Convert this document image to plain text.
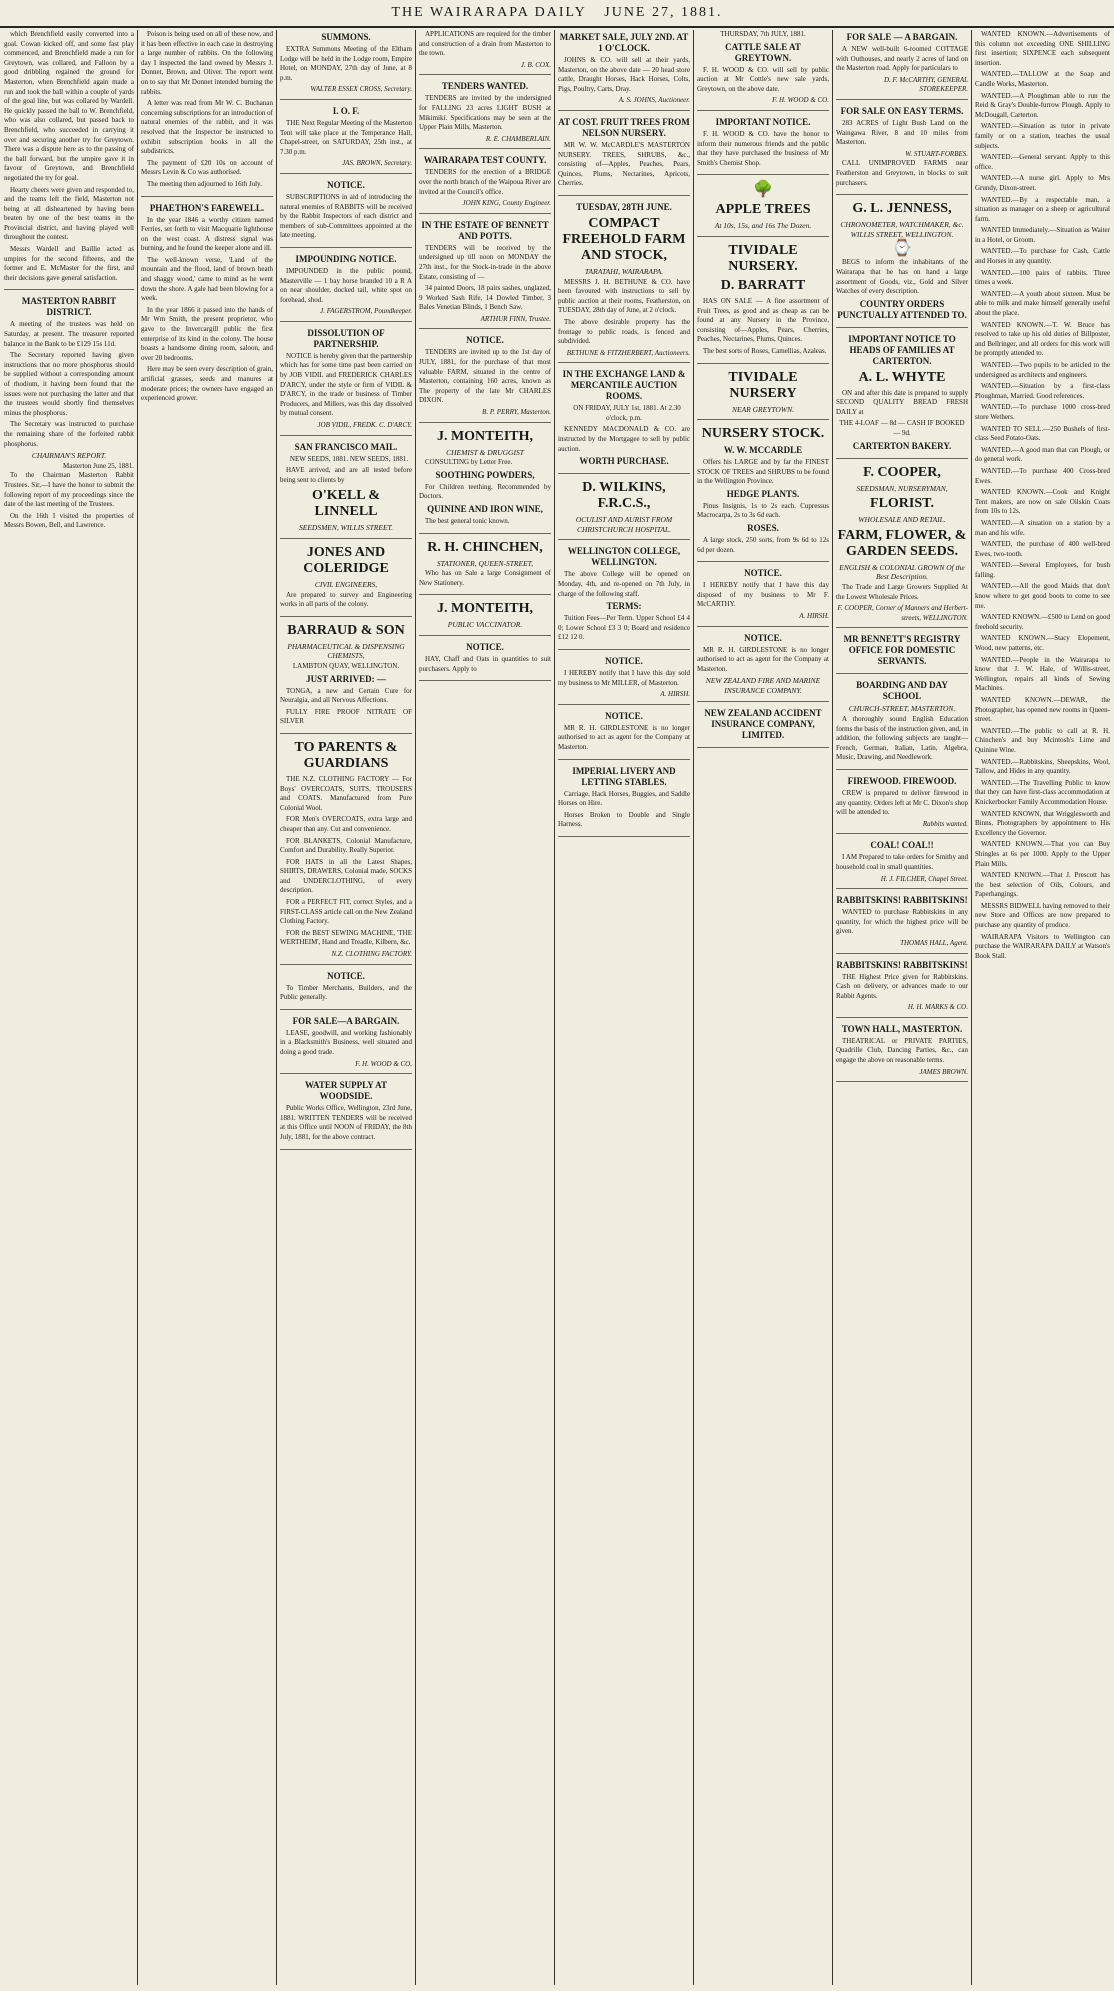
THE WAIRARAPA DAILY JUNE 27, 1881.

which Brenchfield easily converted into a goal. Cowan kicked off, and some fast play commenced, and Brenchfield made a run for Greytown, was collared, and Falloon by a good dribbling regained the ground for Masterton, when Brenchfield again made a run and took the ball within a couple of yards of the goal line, but was collared by Wardell. He quickly passed the ball to W. Brenchfield, who was also collared, but passed back to Brenchfield, who succeeded in carrying it over and securing another try for Greytown. There was a dispute here as to the passing of the ball forward, but the umpire gave it in favour of Greytown, and Brenchfield negotiated the try for goal.

Hearty cheers were given and responded to, and the teams left the field, Masterton not being at all disheartened by having been beaten by one of the best teams in the Provincial district, and having played well throughout the contest.

Messrs Wardell and Baillie acted as umpires for the second fifteens, and the former and E. McMaster for the first, and their decisions gave general satisfaction.

MASTERTON RABBIT DISTRICT.

A meeting of the trustees was held on Saturday, at present. The treasurer reported balance in the Bank to be £129 15s 11d.

The Secretary reported having given instructions that no more phosphorus should be supplied without a corresponding amount of rhodium, it having been found that the issues were not purchasing the latter and that the trustees would shortly find themselves minus the phosphorus.

The Secretary was instructed to purchase the remaining share of the forfeited rabbit phosphorus.

CHAIRMAN'S REPORT.
Masterton June 25, 1881.

To the Chairman Masterton Rabbit Trustees. Sir,—I have the honor to submit the following report of my proceedings since the date of the last meeting of the Trustees.

On the 16th I visited the properties of Messrs Bowen, Bell, and Lawrence.

Poison is being used on all of these now, and it has been effective in each case in destroying a large number of rabbits. On the following day I inspected the land owned by Messrs J. Donnet, Brown, and Oliver. The report went on to say that Mr Donnet intended burning the rabbits.

A letter was read from Mr W. C. Buchanan concerning subscriptions for an introduction of natural enemies of the rabbit, and it was resolved that the Inspector be instructed to exhibit subscription books in all the subdistricts.

The payment of £20 10s on account of Messrs Levin & Co was authorised.

The meeting then adjourned to 16th July.

PHAETHON'S FAREWELL.

In the year 1846 a worthy citizen named Ferries, set forth to visit Macquarie lighthouse on the west coast. A distress signal was burning, and he found the keeper alone and ill.

The well-known verse, 'Land of the mountain and the flood, land of brown heath and shaggy wood,' came to mind as he went down the shore. A gale had been blowing for a week.

In the year 1866 it passed into the hands of Mr Wm Smith, the present proprietor, who gave to the Invercargill public the first enterprise of its kind in the colony. The house boasts a handsome dining room, saloon, and over 20 bedrooms.

Here may be seen every description of grain, artificial grasses, seeds and manures at moderate prices; the owners have engaged an experienced grower.

SUMMONS.

EXTRA Summons Meeting of the Eltham Lodge will be held in the Lodge room, Empire Hotel, on MONDAY, 27th day of June, at 8 p.m.

WALTER ESSEX CROSS, Secretary.
I. O. F.

THE Next Regular Meeting of the Masterton Tent will take place at the Temperance Hall, Chapel-street, on SATURDAY, 25th inst., at 7.30 p.m.

JAS. BROWN, Secretary.
NOTICE.

SUBSCRIPTIONS in aid of introducing the natural enemies of RABBITS will be received by the Rabbit Inspectors of each district and members of sub-Committees appointed at the late meeting.

IMPOUNDING NOTICE.

IMPOUNDED in the public pound, Masterville — 1 bay horse branded 10 a R A on near shoulder, docked tail, white spot on forehead, shod.

J. FAGERSTROM, Poundkeeper.
DISSOLUTION OF PARTNERSHIP.

NOTICE is hereby given that the partnership which has for some time past been carried on by JOB VIDIL and FREDERICK CHARLES D'ARCY, under the style or firm of VIDIL & D'ARCY, in the trade or business of Timber Producers, and Millers, was this day dissolved by mutual consent.

JOB VIDIL, FREDK. C. D'ARCY.
SAN FRANCISCO MAIL.

NEW SEEDS, 1881. NEW SEEDS, 1881.

HAVE arrived, and are all tested before being sent to clients by

O'KELL & LINNELL
SEEDSMEN, WILLIS STREET.
JONES AND COLERIDGE
CIVIL ENGINEERS,

Are prepared to survey and Engineering works in all parts of the colony.

BARRAUD & SON
PHARMACEUTICAL & DISPENSING CHEMISTS,
LAMBTON QUAY, WELLINGTON.
JUST ARRIVED: —

TONGA, a new and Certain Cure for Neuralgia, and all Nervous Affections.

FULLY FIRE PROOF NITRATE OF SILVER

TO PARENTS & GUARDIANS

THE N.Z. CLOTHING FACTORY — For Boys' OVERCOATS, SUITS, TROUSERS and COATS. Manufactured from Pure Colonial Wool.

FOR Men's OVERCOATS, extra large and cheaper than any. Cut and convenience.

FOR BLANKETS, Colonial Manufacture, Comfort and Durability. Really Superior.

FOR HATS in all the Latest Shapes, SHIRTS, DRAWERS, Colonial made, SOCKS and UNDERCLOTHING, of every description.

FOR a PERFECT FIT, correct Styles, and a FIRST-CLASS article call on the New Zealand Clothing Factory.

FOR the BEST SEWING MACHINE, 'THE WERTHEIM', Hand and Treadle, Kilbern, &c.

N.Z. CLOTHING FACTORY.
NOTICE.

To Timber Merchants, Builders, and the Public generally.

FOR SALE—A BARGAIN.

LEASE, goodwill, and working fashionably in a Blacksmith's Business, well situated and doing a good trade.

F. H. WOOD & CO.
WATER SUPPLY AT WOODSIDE.

Public Works Office, Wellington, 23rd June, 1881. WRITTEN TENDERS will be received at this Office until NOON of FRIDAY, the 8th July, 1881, for the above contract.

APPLICATIONS are required for the timber and construction of a drain from Masterton to the town.

J. B. COX.
TENDERS WANTED.

TENDERS are invited by the undersigned for FALLING 23 acres LIGHT BUSH at Mikimiki. Specifications may be seen at the Upper Plain Mills, Masterton.

R. E. CHAMBERLAIN.
WAIRARAPA TEST COUNTY.

TENDERS for the erection of a BRIDGE over the north branch of the Waipoua River are invited at the Council's office.

JOHN KING, County Engineer.
IN THE ESTATE OF BENNETT AND POTTS.

TENDERS will be received by the undersigned up till noon on MONDAY the 27th inst., for the Stock-in-trade in the above Estate, consisting of —

34 painted Doors, 18 pairs sashes, unglazed, 9 Worked Sash Rife, 14 Dowled Timber, 3 Bales Venetian Blinds, 1 Bench Saw.

ARTHUR FINN, Trustee.
NOTICE.

TENDERS are invited up to the 1st day of JULY, 1881, for the purchase of that most valuable FARM, situated in the centre of Masterton, containing 160 acres, known as The property of the late Mr CHARLES DIXON.

B. P. PERRY, Masterton.
J. MONTEITH,
CHEMIST & DRUGGIST

CONSULTING by Letter Free.

SOOTHING POWDERS,

For Children teething. Recommended by Doctors.

QUININE AND IRON WINE,

The best general tonic known.

R. H. CHINCHEN,
STATIONER, QUEEN-STREET,

Who has on Sale a large Consignment of New Stationery.

J. MONTEITH,
PUBLIC VACCINATOR.
NOTICE.

HAY, Chaff and Oats in quantities to suit purchasers. Apply to

MARKET SALE, JULY 2ND. AT 1 O'CLOCK.

JOHNS & CO. will sell at their yards, Masterton, on the above date — 20 head store cattle, Draught Horses, Hack Horses, Colts, Pigs, Poultry, Carts, Dray.

A. S. JOHNS, Auctioneer.
AT COST. FRUIT TREES FROM NELSON NURSERY.

MR W. W. McCARDLE'S MASTERTON NURSERY. TREES, SHRUBS, &c., consisting of—Apples, Peaches, Pears, Quinces, Plums, Nectarines, Apricots, Cherries.

TUESDAY, 28TH JUNE.
COMPACT FREEHOLD FARM AND STOCK,
TARATAHI, WAIRARAPA.

MESSRS J. H. BETHUNE & CO. have been favoured with instructions to sell by public auction at their rooms, Featherston, on TUESDAY, 28th day of June, at 2 o'clock.

The above desirable property has the frontage to public roads, is fenced and subdivided.

BETHUNE & FITZHERBERT, Auctioneers.
IN THE EXCHANGE LAND & MERCANTILE AUCTION ROOMS.

ON FRIDAY, JULY 1st, 1881. At 2.30 o'clock, p.m.

KENNEDY MACDONALD & CO. are instructed by the Mortgagee to sell by public auction.

WORTH PURCHASE.
D. WILKINS, F.R.C.S.,
OCULIST AND AURIST FROM CHRISTCHURCH HOSPITAL.
WELLINGTON COLLEGE, WELLINGTON.

The above College will be opened on Monday, 4th, and re-opened on 7th July, in charge of the following staff.

TERMS:

Tuition Fees—Per Term. Upper School £4 4 0; Lower School £3 3 0; Board and residence £12 12 0.

NOTICE.

I HEREBY notify that I have this day sold my business to Mr MILLER, of Masterton.

A. HIRSH.
NOTICE.

MR R. H. GIRDLESTONE is no longer authorised to act as agent for the Company at Masterton.

IMPERIAL LIVERY AND LETTING STABLES.

Carriage, Hack Horses, Buggies, and Saddle Horses on Hire.

Horses Broken to Double and Single Harness.

THURSDAY, 7th JULY, 1881.
CATTLE SALE AT GREYTOWN.

F. H. WOOD & CO. will sell by public auction at Mr Cottle's new sale yards, Greytown, on the above date.

F. H. WOOD & CO.
IMPORTANT NOTICE.

F. H. WOOD & CO. have the honor to inform their numerous friends and the public that they have purchased the business of Mr Smith's Chemist Shop.

🌳
APPLE TREES
At 10s, 15s, and 16s The Dozen.
TIVIDALE NURSERY.
D. BARRATT

HAS ON SALE — A fine assortment of Fruit Trees, as good and as cheap as can be found at any Nursery in the Province, consisting of—Apples, Pears, Cherries, Peaches, Nectarines, Plums, Quinces.

The best sorts of Roses, Camellias, Azaleas.

TIVIDALE NURSERY
NEAR GREYTOWN.
NURSERY STOCK.
W. W. MCCARDLE

Offers his LARGE and by far the FINEST STOCK OF TREES and SHRUBS to be found in the Wellington Province.

HEDGE PLANTS.

Pinus Insignis, 1s to 2s each. Cupressus Macrocarpa, 2s to 3s 6d each.

ROSES.

A large stock, 250 sorts, from 9s 6d to 12s 6d per dozen.

NOTICE.

I HEREBY notify that I have this day disposed of my business to Mr F. McCARTHY.

A. HIRSH.
NOTICE.

MR R. H. GIRDLESTONE is no longer authorised to act as agent for the Company at Masterton.

NEW ZEALAND FIRE AND MARINE INSURANCE COMPANY.
NEW ZEALAND ACCIDENT INSURANCE COMPANY, LIMITED.
FOR SALE — A BARGAIN.

A NEW well-built 6-roomed COTTAGE with Outhouses, and nearly 2 acres of land on the Masterton road. Apply for particulars to

D. F. McCARTHY, GENERAL STOREKEEPER.
FOR SALE ON EASY TERMS.

283 ACRES of Light Bush Land on the Waingawa River, 8 and 10 miles from Masterton.

W. STUART-FORBES.

CALL UNIMPROVED FARMS near Featherston and Greytown, in blocks to suit purchasers.

G. L. JENNESS,
CHRONOMETER, WATCHMAKER, &c. WILLIS STREET, WELLINGTON.
⌚

BEGS to inform the inhabitants of the Wairarapa that he has on hand a large assortment of Goods, viz., Gold and Silver Watches of every description.

COUNTRY ORDERS PUNCTUALLY ATTENDED TO.
IMPORTANT NOTICE TO HEADS OF FAMILIES AT CARTERTON.
A. L. WHYTE

ON and after this date is prepared to supply SECOND QUALITY BREAD FRESH DAILY at

THE 4-LOAF — 8d — CASH IF BOOKED — 9d.
CARTERTON BAKERY.
F. COOPER,
SEEDSMAN, NURSERYMAN,
FLORIST.
WHOLESALE AND RETAIL.
FARM, FLOWER, & GARDEN SEEDS.
ENGLISH & COLONIAL GROWN Of the Best Description.

The Trade and Large Growers Supplied At the Lowest Wholesale Prices.

F. COOPER, Corner of Manners and Herbert-streets, WELLINGTON.
MR BENNETT'S REGISTRY OFFICE FOR DOMESTIC SERVANTS.
BOARDING AND DAY SCHOOL
CHURCH-STREET, MASTERTON.

A thoroughly sound English Education forms the basis of the instruction given, and, in addition, the following subjects are taught—French, German, Italian, Latin, Algebra, Music, Drawing, and Needlework.

FIREWOOD. FIREWOOD.

CREW is prepared to deliver firewood in any quantity. Orders left at Mr C. Dixon's shop will be attended to.

Rabbits wanted.
COAL! COAL!!

I AM Prepared to take orders for Smithy and household coal in small quantities.

H. J. FILCHER, Chapel Street.
RABBITSKINS! RABBITSKINS!

WANTED to purchase Rabbitskins in any quantity, for which the highest price will be given.

THOMAS HALL, Agent.
RABBITSKINS! RABBITSKINS!

THE Highest Price given for Rabbitskins. Cash on delivery, or advances made to our Rabbit Agents.

H. H. MARKS & CO.
TOWN HALL, MASTERTON.

THEATRICAL or PRIVATE PARTIES, Quadrille Club, Dancing Parties, &c., can engage the above on reasonable terms.

JAMES BROWN.

WANTED KNOWN.—Advertisements of this column not exceeding ONE SHILLING first insertion; SIXPENCE each subsequent insertion.

WANTED.—TALLOW at the Soap and Candle Works, Masterton.

WANTED.—A Ploughman able to run the Reid & Gray's Double-furrow Plough. Apply to McDougall, Carterton.

WANTED.—Situation as tutor in private family or on a station, teaches the usual subjects.

WANTED.—General servant. Apply to this office.

WANTED.—A nurse girl. Apply to Mrs Grundy, Dixon-street.

WANTED.—By a respectable man, a situation as manager on a sheep or agricultural farm.

WANTED Immediately.—Situation as Waiter in a Hotel, or Groom.

WANTED.—To purchase for Cash, Cattle and Horses in any quantity.

WANTED.—100 pairs of rabbits. Three times a week.

WANTED.—A youth about sixteen. Must be able to milk and make himself generally useful about the place.

WANTED KNOWN.—T. W. Bruce has resolved to take up his old duties of Billposter, and Bellringer, and all orders for this work will be promptly attended to.

WANTED.—Two pupils to be articled to the undersigned as architects and engineers.

WANTED.—Situation by a first-class Ploughman, Married. Good references.

WANTED.—To purchase 1000 cross-bred store Wethers.

WANTED TO SELL.—250 Bushels of first-class Seed Potato-Oats.

WANTED.—A good man that can Plough, or do general work.

WANTED.—To purchase 400 Cross-bred Ewes.

WANTED KNOWN.—Cook and Knight Tent makers, are now on sale Oilskin Coats from 10s to 12s.

WANTED.—A situation on a station by a man and his wife.

WANTED, the purchase of 400 well-bred Ewes, two-tooth.

WANTED.—Several Employees, for bush falling.

WANTED.—All the good Maids that don't know where to get good boots to come to see me.

WANTED KNOWN.—£500 to Lend on good freehold security.

WANTED KNOWN.—Stacy Elopement, Wood, new patterns, etc.

WANTED.—People in the Wairarapa to know that J. W. Hale, of Willis-street, Wellington, repairs all kinds of Sewing Machines.

WANTED KNOWN.—DEWAR, the Photographer, has opened new rooms in Queen-street.

WANTED.—The public to call at R. H. Chinchen's and buy Mcintosh's Lime and Quinine Wine.

WANTED.—Rabbitskins, Sheepskins, Wool, Tallow, and Hides in any quantity.

WANTED.—The Travelling Public to know that they can have first-class accommodation at Knickerbocker Family Accommodation House.

WANTED KNOWN, that Wrigglesworth and Binns, Photographers by appointment to His Excellency the Governor.

WANTED KNOWN.—That you can Buy Shingles at 6s per 1000. Apply to the Upper Plain Mills.

WANTED KNOWN.—That J. Prescott has the best selection of Oils, Colours, and Paperhangings.

MESSRS BIDWELL having removed to their new Store and Offices are now prepared to purchase any quantity of produce.

WAIRARAPA Visitors to Wellington can purchase the WAIRARAPA DAILY at Watson's Book Stall.
